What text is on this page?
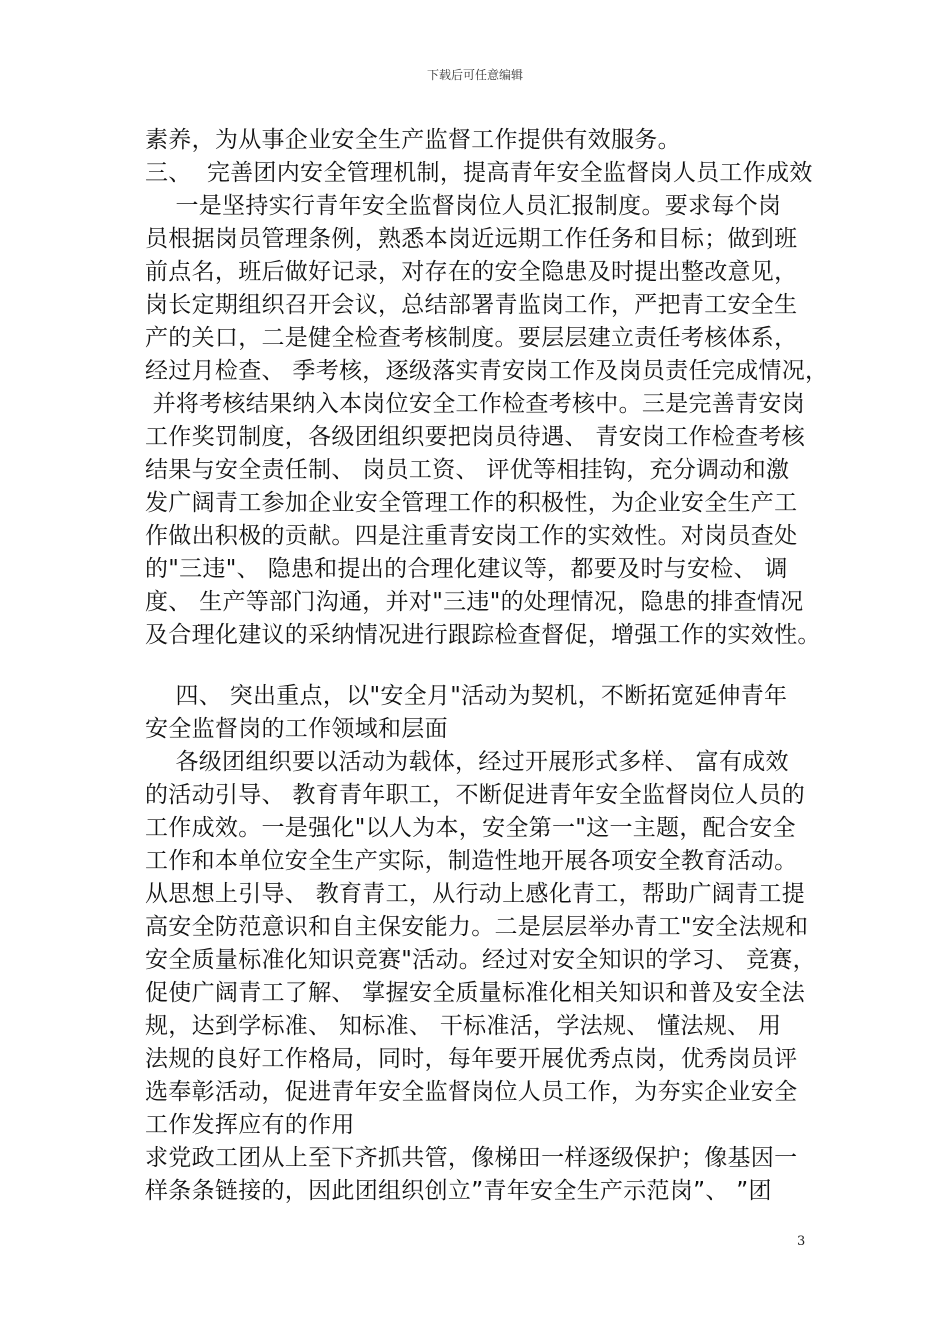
下载后可任意编辑
素养，为从事企业安全生产监督工作提供有效服务。
三、  完善团内安全管理机制，提高青年安全监督岗人员工作成效
一是坚持实行青年安全监督岗位人员汇报制度。要求每个岗
员根据岗员管理条例，熟悉本岗近远期工作任务和目标；做到班
前点名，班后做好记录，对存在的安全隐患及时提出整改意见，
岗长定期组织召开会议，总结部署青监岗工作，严把青工安全生
产的关口，二是健全检查考核制度。要层层建立责任考核体系，
经过月检查、 季考核，逐级落实青安岗工作及岗员责任完成情况，
并将考核结果纳入本岗位安全工作检查考核中。三是完善青安岗
工作奖罚制度，各级团组织要把岗员待遇、 青安岗工作检查考核
结果与安全责任制、 岗员工资、 评优等相挂钩，充分调动和激
发广阔青工参加企业安全管理工作的积极性，为企业安全生产工
作做出积极的贡献。四是注重青安岗工作的实效性。对岗员查处
的"三违"、 隐患和提出的合理化建议等，都要及时与安检、 调
度、 生产等部门沟通，并对"三违"的处理情况，隐患的排查情况
及合理化建议的采纳情况进行跟踪检查督促，增强工作的实效性。
四、 突出重点，以"安全月"活动为契机，不断拓宽延伸青年
安全监督岗的工作领域和层面
各级团组织要以活动为载体，经过开展形式多样、 富有成效
的活动引导、 教育青年职工，不断促进青年安全监督岗位人员的
工作成效。一是强化"以人为本，安全第一"这一主题，配合安全
工作和本单位安全生产实际，制造性地开展各项安全教育活动。
从思想上引导、 教育青工，从行动上感化青工，帮助广阔青工提
高安全防范意识和自主保安能力。二是层层举办青工"安全法规和
安全质量标准化知识竞赛"活动。经过对安全知识的学习、 竞赛，
促使广阔青工了解、 掌握安全质量标准化相关知识和普及安全法
规，达到学标准、 知标准、 干标准活，学法规、 懂法规、 用
法规的良好工作格局，同时，每年要开展优秀点岗，优秀岗员评
选奉彰活动，促进青年安全监督岗位人员工作，为夯实企业安全
工作发挥应有的作用
求党政工团从上至下齐抓共管，像梯田一样逐级保护；像基因一
样条条链接的，因此团组织创立”青年安全生产示范岗”、 ”团
3
